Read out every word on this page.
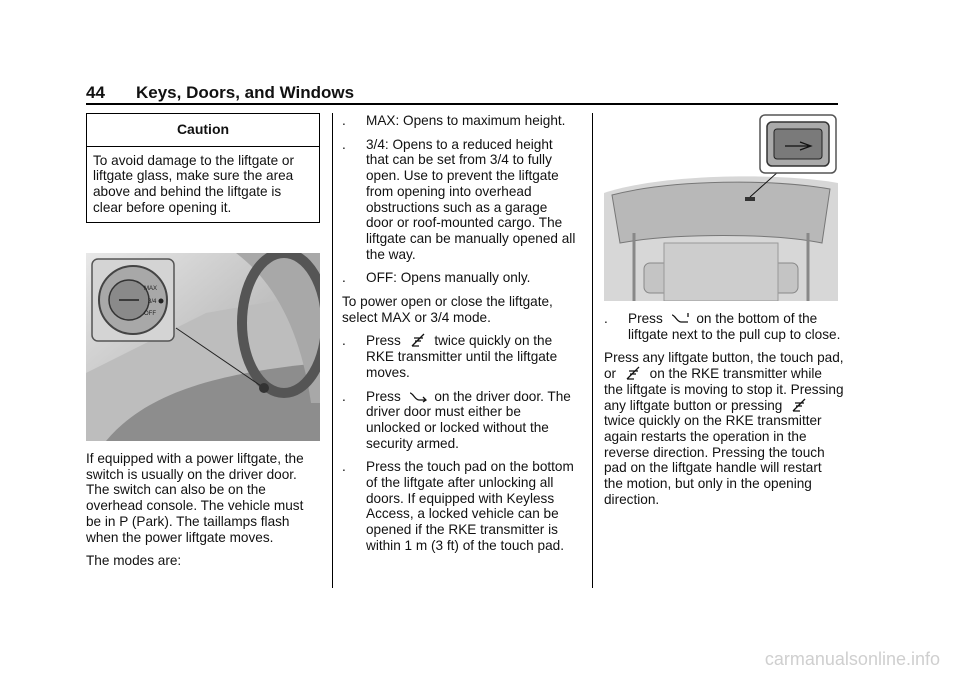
44 Keys, Doors, and Windows
Caution
To avoid damage to the liftgate or liftgate glass, make sure the area above and behind the liftgate is clear before opening it.
MAX
3/4
OFF

If equipped with a power liftgate, the switch is usually on the driver door. The switch can also be on the overhead console. The vehicle must be in P (Park). The taillamps flash when the power liftgate moves.

The modes are:

. MAX: Opens to maximum height.
. 3/4: Opens to a reduced height that can be set from 3/4 to fully open. Use to prevent the liftgate from opening into overhead obstructions such as a garage door or roof-mounted cargo. The liftgate can be manually opened all the way.
. OFF: Opens manually only.

To power open or close the liftgate, select MAX or 3/4 mode.

. Press twice quickly on the RKE transmitter until the liftgate moves.
. Press on the driver door. The driver door must either be unlocked or locked without the security armed.
. Press the touch pad on the bottom of the liftgate after unlocking all doors. If equipped with Keyless Access, a locked vehicle can be opened if the RKE transmitter is within 1 m (3 ft) of the touch pad.
. Press on the bottom of the liftgate next to the pull cup to close.

Press any liftgate button, the touch pad, or on the RKE transmitter while the liftgate is moving to stop it. Pressing any liftgate button or pressing  twice quickly on the RKE transmitter again restarts the operation in the reverse direction. Pressing the touch pad on the liftgate handle will restart the motion, but only in the opening direction.

carmanualsonline.info
